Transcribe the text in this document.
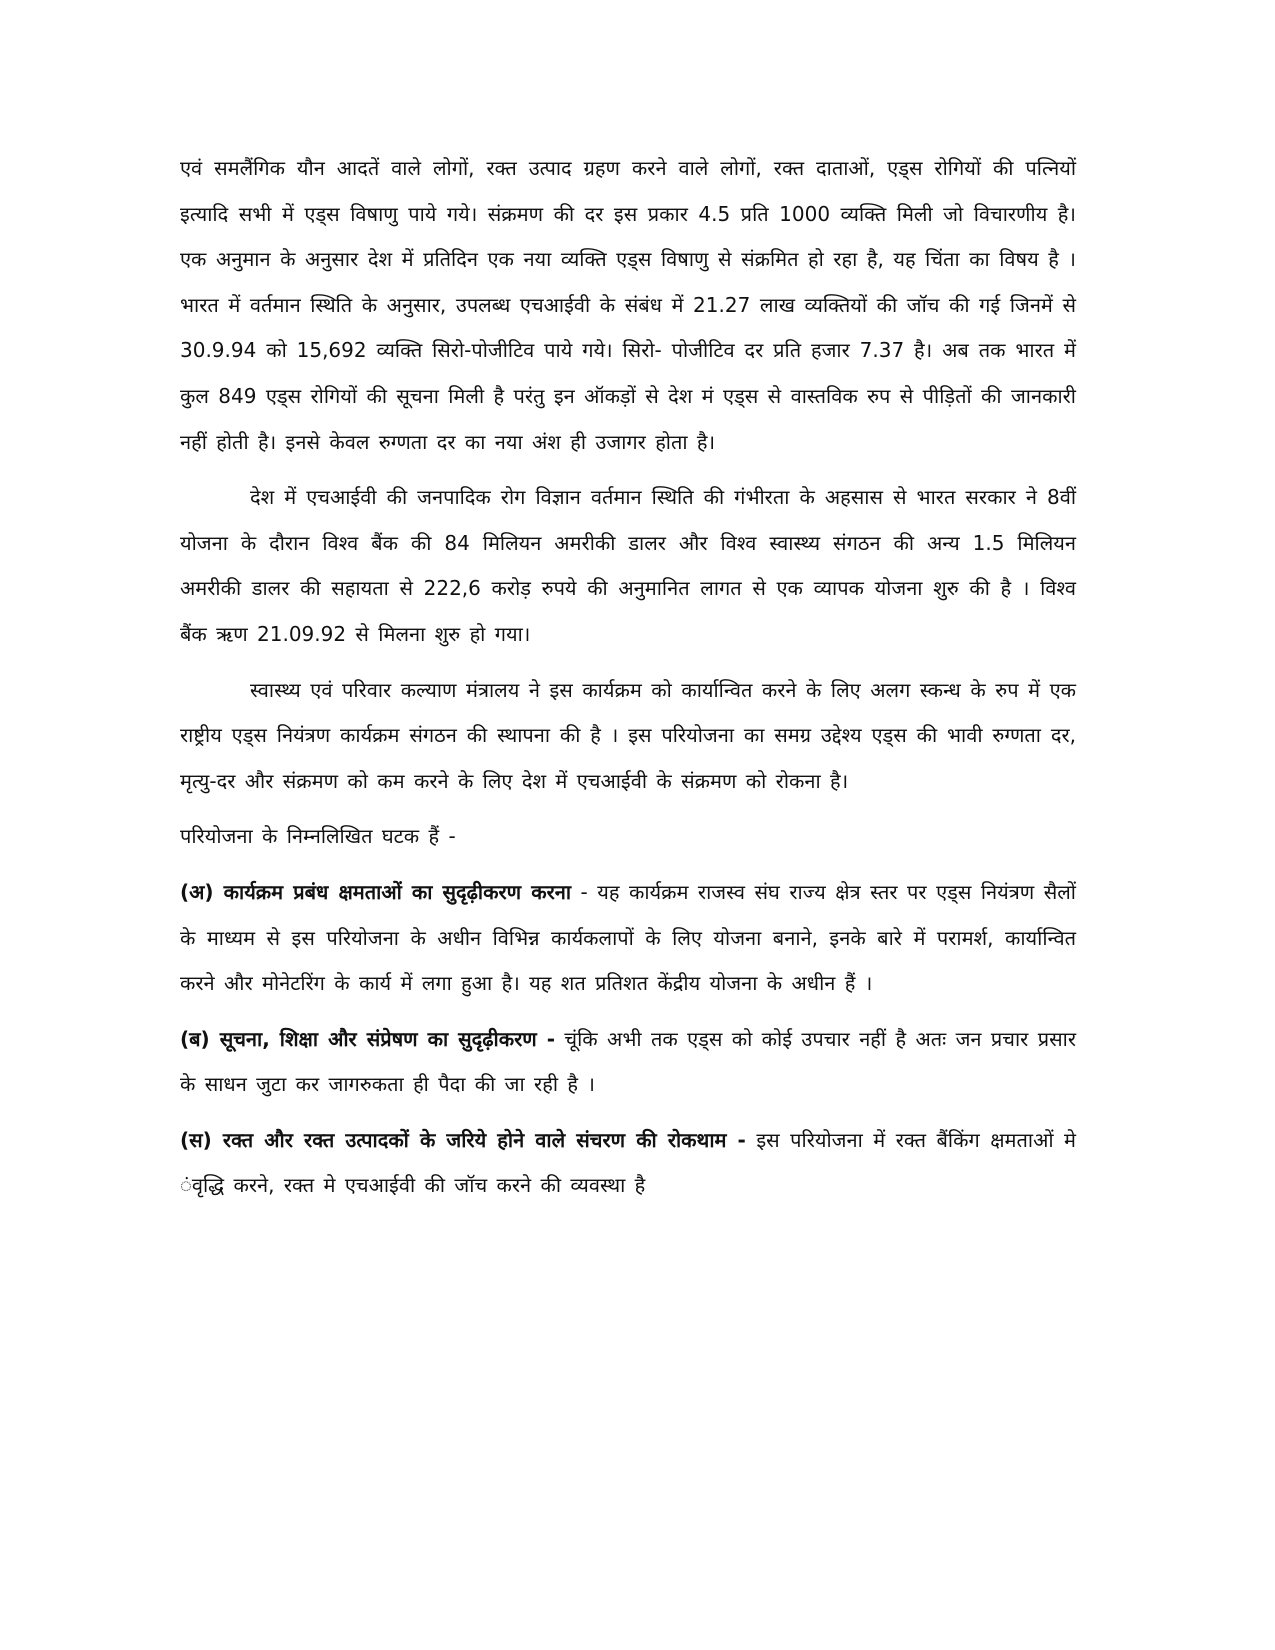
एवं समलैंगिक यौन आदतें वाले लोगों, रक्त उत्पाद ग्रहण करने वाले लोगों, रक्त दाताओं, एड्स रोगियों की पत्नियों इत्यादि सभी में एड्स विषाणु पाये गये। संक्रमण की दर इस प्रकार 4.5 प्रति 1000 व्यक्ति मिली जो विचारणीय है। एक अनुमान के अनुसार देश में प्रतिदिन एक नया व्यक्ति एड्स विषाणु से संक्रमित हो रहा है, यह चिंता का विषय है । भारत में वर्तमान स्थिति के अनुसार, उपलब्ध एचआईवी के संबंध में 21.27 लाख व्यक्तियों की जॉच की गई जिनमें से 30.9.94 को 15,692 व्यक्ति सिरो-पोजीटिव पाये गये। सिरो- पोजीटिव दर प्रति हजार 7.37 है। अब तक भारत में कुल 849 एड्स रोगियों की सूचना मिली है परंतु इन ऑकड़ों से देश मं एड्स से वास्तविक रुप से पीड़ितों की जानकारी नहीं होती है। इनसे केवल रुग्णता दर का नया अंश ही उजागर होता है।

देश में एचआईवी की जनपादिक रोग विज्ञान वर्तमान स्थिति की गंभीरता के अहसास से भारत सरकार ने 8वीं योजना के दौरान विश्व बैंक की 84 मिलियन अमरीकी डालर और विश्व स्वास्थ्य संगठन की अन्य 1.5 मिलियन अमरीकी डालर की सहायता से 222,6 करोड़ रुपये की अनुमानित लागत से एक व्यापक योजना शुरु की है । विश्व बैंक ऋण 21.09.92 से मिलना शुरु हो गया।

स्वास्थ्य एवं परिवार कल्याण मंत्रालय ने इस कार्यक्रम को कार्यान्वित करने के लिए अलग स्कन्ध के रुप में एक राष्ट्रीय एड्स नियंत्रण कार्यक्रम संगठन की स्थापना की है । इस परियोजना का समग्र उद्देश्य एड्स की भावी रुग्णता दर, मृत्यु-दर और संक्रमण को कम करने के लिए देश में एचआईवी के संक्रमण को रोकना है।

परियोजना के निम्नलिखित घटक हैं -

(अ) कार्यक्रम प्रबंध क्षमताओं का सुदृढ़ीकरण करना - यह कार्यक्रम राजस्व संघ राज्य क्षेत्र स्तर पर एड्स नियंत्रण सैलों के माध्यम से इस परियोजना के अधीन विभिन्न कार्यकलापों के लिए योजना बनाने, इनके बारे में परामर्श, कार्यान्वित करने और मोनेटरिंग के कार्य में लगा हुआ है। यह शत प्रतिशत केंद्रीय योजना के अधीन हैं ।

(ब) सूचना, शिक्षा और संप्रेषण का सुदृढ़ीकरण - चूंकि अभी तक एड्स को कोई उपचार नहीं है अतः जन प्रचार प्रसार के साधन जुटा कर जागरुकता ही पैदा की जा रही है ।

(स) रक्त और रक्त उत्पादकों के जरिये होने वाले संचरण की रोकथाम - इस परियोजना में रक्त बैंकिंग क्षमताओं मे ंवृद्धि करने, रक्त मे एचआईवी की जॉच करने की व्यवस्था है
